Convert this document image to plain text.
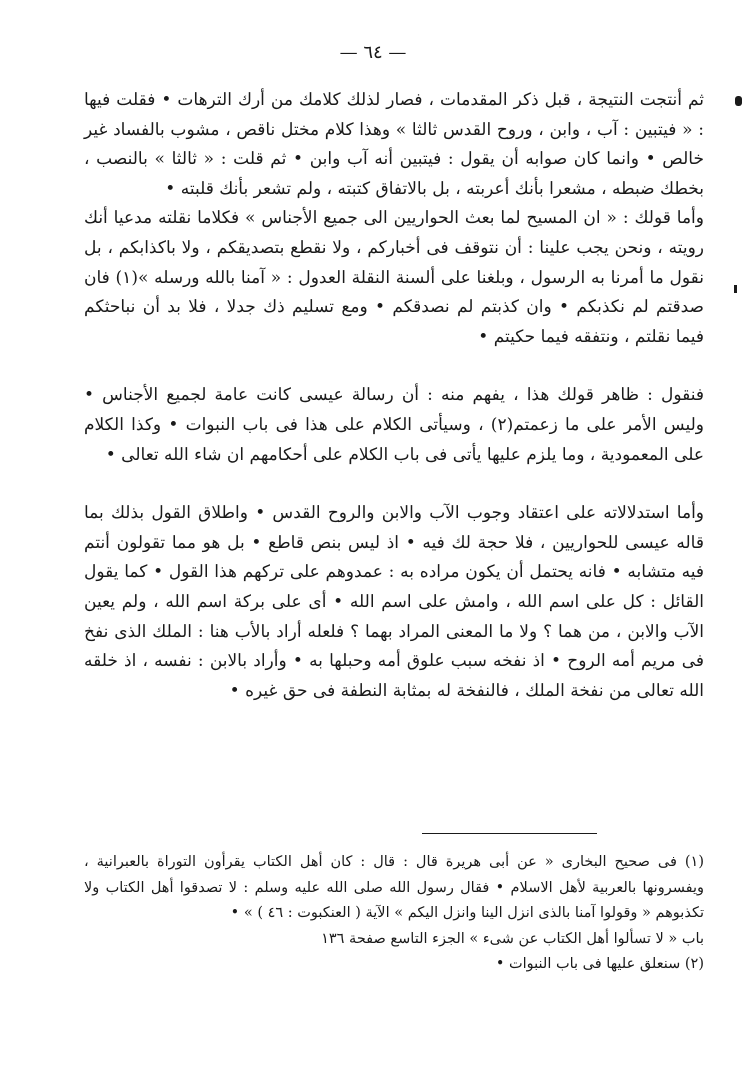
— ٦٤ —

ثم أنتجت النتيجة ، قبل ذكر المقدمات ، فصار لذلك كلامك من أرك الترهات • فقلت فيها : « فيتبين : آب ، وابن ، وروح القدس ثالثا » وهذا كلام مختل ناقص ، مشوب بالفساد غير خالص • وانما كان صوابه أن يقول : فيتبين أنه آب وابن • ثم قلت : « ثالثا » بالنصب ، بخطك ضبطه ، مشعرا بأنك أعربته ، بل بالاتفاق كتبته ، ولم تشعر بأنك قلبته •

وأما قولك : « ان المسيح لما بعث الحواريين الى جميع الأجناس » فكلاما نقلته مدعيا أنك رويته ، ونحن يجب علينا : أن نتوقف فى أخباركم ، ولا نقطع بتصديقكم ، ولا باكذابكم ، بل نقول ما أمرنا به الرسول ، وبلغنا على ألسنة النقلة العدول : « آمنا بالله ورسله »(١) فان صدقتم لم نكذبكم • وان كذبتم لم نصدقكم • ومع تسليم ذك جدلا ، فلا بد أن نباحثكم فيما نقلتم ، ونتفقه فيما حكيتم •

فنقول : ظاهر قولك هذا ، يفهم منه : أن رسالة عيسى كانت عامة لجميع الأجناس • وليس الأمر على ما زعمتم(٢) ، وسيأتى الكلام على هذا فى باب النبوات • وكذا الكلام على المعمودية ، وما يلزم عليها يأتى فى باب الكلام على أحكامهم ان شاء الله تعالى •

وأما استدلالاته على اعتقاد وجوب الآب والابن والروح القدس • واطلاق القول بذلك بما قاله عيسى للحواريين ، فلا حجة لك فيه • اذ ليس بنص قاطع • بل هو مما تقولون أنتم فيه متشابه • فانه يحتمل أن يكون مراده به : عمدوهم على تركهم هذا القول • كما يقول القائل : كل على اسم الله ، وامش على اسم الله • أى على بركة اسم الله ، ولم يعين الآب والابن ، من هما ؟ ولا ما المعنى المراد بهما ؟ فلعله أراد بالأب هنا : الملك الذى نفخ فى مريم أمه الروح • اذ نفخه سبب علوق أمه وحبلها به • وأراد بالابن : نفسه ، اذ خلقه الله تعالى من نفخة الملك ، فالنفخة له بمثابة النطفة فى حق غيره •

(١) فى صحيح البخارى « عن أبى هريرة قال : قال : كان أهل الكتاب يقرأون التوراة بالعبرانية ، ويفسرونها بالعربية لأهل الاسلام • فقال رسول الله صلى الله عليه وسلم : لا تصدقوا أهل الكتاب ولا تكذبوهم « وقولوا آمنا بالذى انزل الينا وانزل اليكم » الآية ( العنكبوت : ٤٦ ) » •

باب « لا تسألوا أهل الكتاب عن شىء » الجزء التاسع صفحة ١٣٦

(٢) سنعلق عليها فى باب النبوات •
